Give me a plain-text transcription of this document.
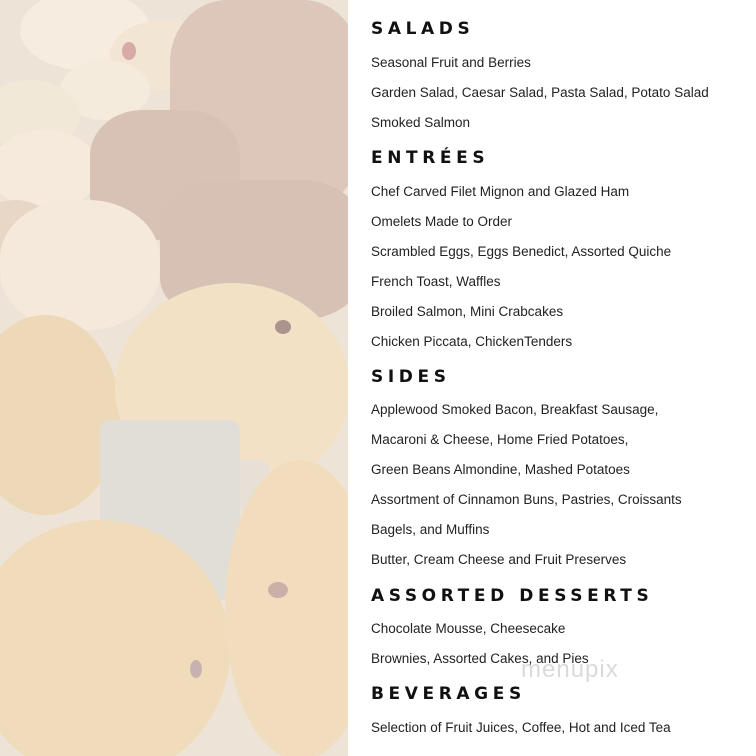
SALADS
Seasonal Fruit and Berries
Garden Salad, Caesar Salad, Pasta Salad, Potato Salad
Smoked Salmon
ENTRÉES
Chef Carved Filet Mignon and Glazed Ham
Omelets Made to Order
Scrambled Eggs, Eggs Benedict, Assorted Quiche
French Toast, Waffles
Broiled Salmon, Mini Crabcakes
Chicken Piccata, ChickenTenders
SIDES
Applewood Smoked Bacon, Breakfast Sausage,
Macaroni & Cheese, Home Fried Potatoes,
Green Beans Almondine, Mashed Potatoes
Assortment of Cinnamon Buns, Pastries, Croissants
Bagels, and Muffins
Butter, Cream Cheese and Fruit Preserves
ASSORTED DESSERTS
Chocolate Mousse, Cheesecake
Brownies, Assorted Cakes, and Pies
BEVERAGES
Selection of Fruit Juices, Coffee, Hot and Iced Tea
menupix
